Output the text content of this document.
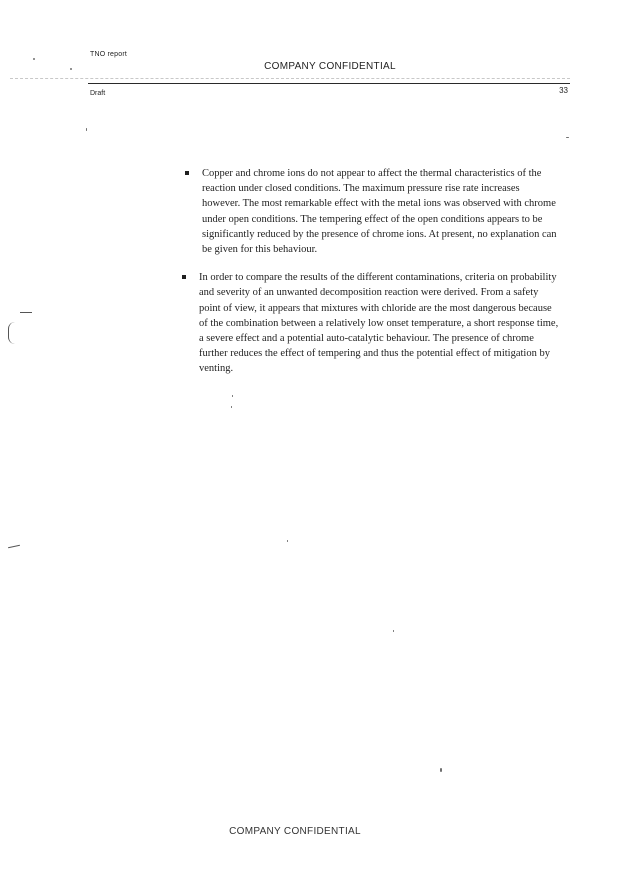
TNO report
COMPANY CONFIDENTIAL
Draft	33
Copper and chrome ions do not appear to affect the thermal characteristics of the reaction under closed conditions. The maximum pressure rise rate increases however. The most remarkable effect with the metal ions was observed with chrome under open conditions. The tempering effect of the open conditions appears to be significantly reduced by the presence of chrome ions. At present, no explanation can be given for this behaviour.
In order to compare the results of the different contaminations, criteria on probability and severity of an unwanted decomposition reaction were derived. From a safety point of view, it appears that mixtures with chloride are the most dangerous because of the combination between a relatively low onset temperature, a short response time, a severe effect and a potential auto-catalytic behaviour. The presence of chrome further reduces the effect of tempering and thus the potential effect of mitigation by venting.
COMPANY CONFIDENTIAL
